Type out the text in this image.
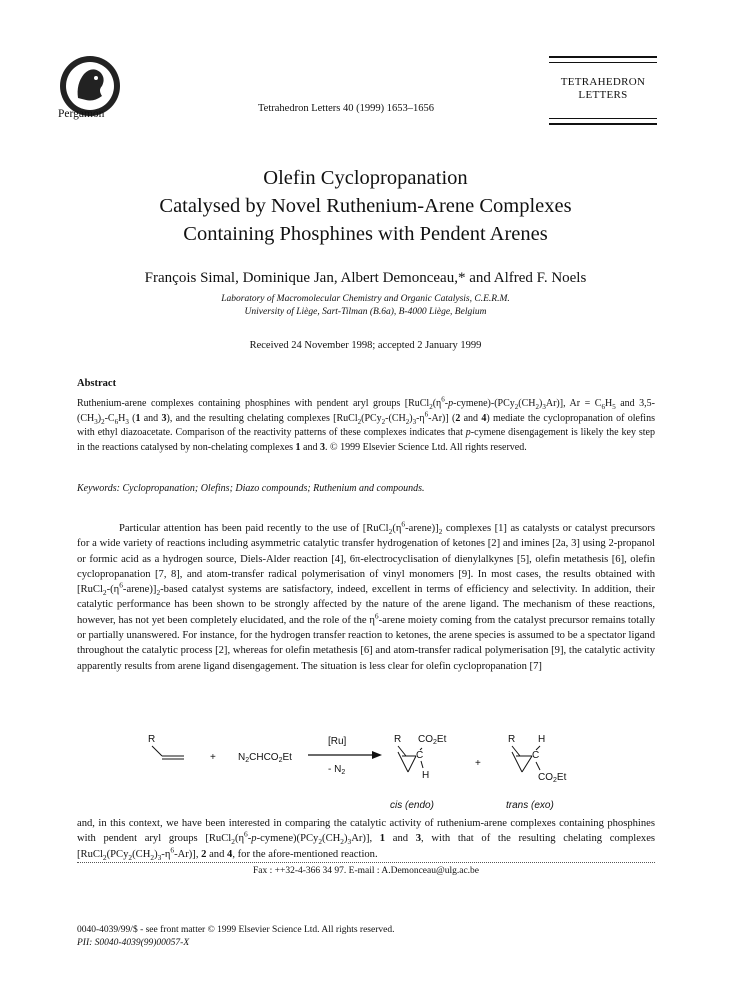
Pergamon	Tetrahedron Letters 40 (1999) 1653–1656
TETRAHEDRON
LETTERS
Olefin Cyclopropanation
Catalysed by Novel Ruthenium-Arene Complexes
Containing Phosphines with Pendent Arenes
François Simal, Dominique Jan, Albert Demonceau,* and Alfred F. Noels
Laboratory of Macromolecular Chemistry and Organic Catalysis, C.E.R.M.
University of Liège, Sart-Tilman (B.6a), B-4000 Liège, Belgium
Received 24 November 1998; accepted 2 January 1999
Abstract
Ruthenium-arene complexes containing phosphines with pendent aryl groups $[RuCl_2(\eta^6-p-cymene)-(PCy_2(CH_2)_3Ar)]$, $Ar = C_6H_5$ and $3,5-(CH_3)_2-C_6H_3$ (1 and 3), and the resulting chelating complexes $[RuCl_2(PCy_2-(CH_2)_3-\eta^6-Ar)]$ (2 and 4) mediate the cyclopropanation of olefins with ethyl diazoacetate. Comparison of the reactivity patterns of these complexes indicates that p-cymene disengagement is likely the key step in the reactions catalysed by non-chelating complexes 1 and 3. © 1999 Elsevier Science Ltd. All rights reserved.
Keywords: Cyclopropanation; Olefins; Diazo compounds; Ruthenium and compounds.
Particular attention has been paid recently to the use of $[RuCl_2(\eta^6-arene)]_2$ complexes [1] as catalysts or catalyst precursors for a wide variety of reactions including asymmetric catalytic transfer hydrogenation of ketones [2] and imines [2a, 3] using 2-propanol or formic acid as a hydrogen source, Diels-Alder reaction [4], 6π-electrocyclisation of dienylalkynes [5], olefin metathesis [6], olefin cyclopropanation [7, 8], and atom-transfer radical polymerisation of vinyl monomers [9]. In most cases, the results obtained with $[RuCl_2-(\eta^6-arene)]_2$-based catalyst systems are satisfactory, indeed, excellent in terms of efficiency and selectivity. In addition, their catalytic performance has been shown to be strongly affected by the nature of the arene ligand. The mechanism of these reactions, however, has not yet been completely elucidated, and the role of the $\eta^6$-arene moiety coming from the catalyst precursor remains totally or partially unanswered. For instance, for the hydrogen transfer reaction to ketones, the arene species is assumed to be a spectator ligand throughout the catalytic process [2], whereas for olefin metathesis [6] and atom-transfer radical polymerisation [9], the catalytic activity apparently results from arene ligand disengagement. The situation is less clear for olefin cyclopropanation [7]
R
+ $N_2CHCO_2Et$
[Ru]
- $N_2$
R $CO_2Et$
C
H
+
R H
C
$CO_2Et$
cis (endo)	trans (exo)
and, in this context, we have been interested in comparing the catalytic activity of ruthenium-arene complexes containing phosphines with pendent aryl groups $[RuCl_2(\eta^6-p-cymene)(PCy_2(CH_2)_3Ar)]$, 1 and 3, with that of the resulting chelating complexes $[RuCl_2(PCy_2(CH_2)_3-\eta^6-Ar)]$, 2 and 4, for the afore-mentioned reaction.
Fax : ++32-4-366 34 97. E-mail : A.Demonceau@ulg.ac.be
0040-4039/99/$ - see front matter © 1999 Elsevier Science Ltd. All rights reserved.
PII: S0040-4039(99)00057-X
